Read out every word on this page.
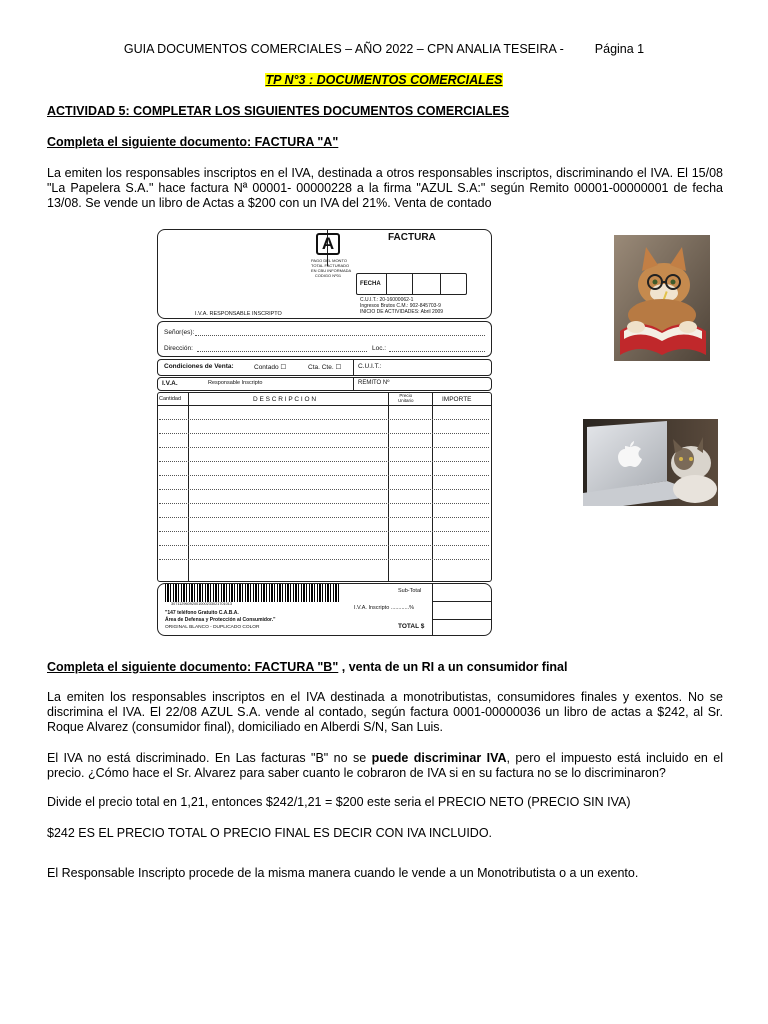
GUIA DOCUMENTOS COMERCIALES – AÑO 2022 – CPN ANALIA TESEIRA - Página 1
TP N°3 : DOCUMENTOS COMERCIALES
ACTIVIDAD 5: COMPLETAR LOS SIGUIENTES DOCUMENTOS COMERCIALES
Completa el siguiente documento: FACTURA "A"
La emiten los responsables inscriptos en el IVA, destinada a otros responsables inscriptos, discriminando el IVA. El 15/08 "La Papelera S.A." hace factura Nª 00001- 00000228 a la firma "AZUL S.A:" según Remito 00001-00000001 de fecha 13/08. Se vende un libro de Actas a $200 con un IVA del 21%. Venta de contado
A	FACTURA
PAGO DEL MONTO
TOTAL FACTURADO
EN CBU INFORMADA
CODIGO Nº01
FECHA
C.U.I.T.: 20-16000062-1
Ingresos Brutos C.M.: 902-845703-9
INICIO DE ACTIVIDADES: Abril 2009
I.V.A. RESPONSABLE INSCRIPTO
Señor(es):
Dirección:	Loc.:
Condiciones de Venta:	Contado ☐	Cta. Cte. ☐	C.U.I.T.:
I.V.A.	Responsable Inscripto	REMITO Nº
Cantidad	D E S C R I P C I O N
Precio
Unitario	IMPORTE
30711296092001000233021701013
"147 teléfono Gratuito C.A.B.A.
Área de Defensa y Protección al Consumidor."
ORIGINAL BLANCO - DUPLICADO COLOR
Sub-Total
I.V.A. Inscripto ............%
TOTAL $
Completa el siguiente documento: FACTURA "B" , venta de un RI a un consumidor final
La emiten los responsables inscriptos en el IVA destinada a monotributistas, consumidores finales y exentos. No se discrimina el IVA. El 22/08 AZUL S.A. vende al contado, según factura 0001-00000036 un libro de actas a $242, al Sr. Roque Alvarez (consumidor final), domiciliado en Alberdi S/N, San Luis.
El IVA no está discriminado. En Las facturas "B" no se puede discriminar IVA, pero el impuesto está incluido en el precio. ¿Cómo hace el Sr. Alvarez para saber cuanto le cobraron de IVA si en su factura no se lo discriminaron?
Divide el precio total en 1,21, entonces $242/1,21 = $200 este seria el PRECIO NETO (PRECIO SIN IVA)
$242 ES EL PRECIO TOTAL O PRECIO FINAL ES DECIR CON IVA INCLUIDO.
El Responsable Inscripto procede de la misma manera cuando le vende a un Monotributista o a un exento.
